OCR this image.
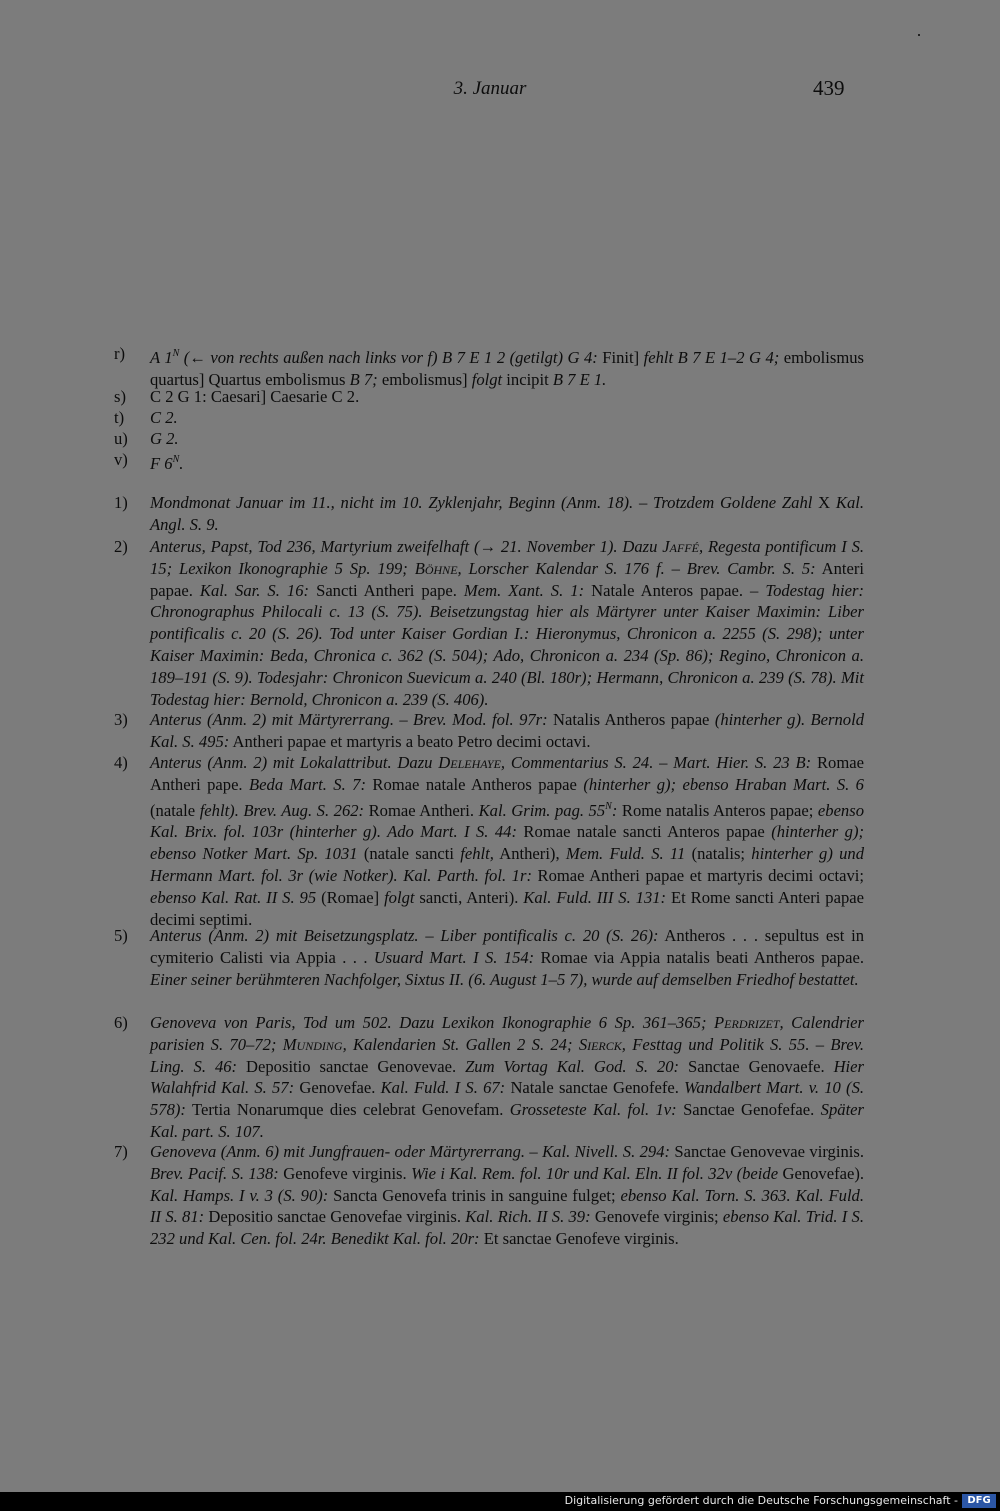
3. Januar	439
r) A $1^N$ (← von rechts außen nach links vor f) B 7 E 1 2 (getilgt) G 4: Finit] fehlt B 7 E 1–2 G 4; embolismus quartus] Quartus embolismus B 7; embolismus] folgt incipit B 7 E 1.
s) C 2 G 1: Caesari] Caesarie C 2.
t) C 2.
u) G 2.
v) F $6^N$.
1) Mondmonat Januar im 11., nicht im 10. Zyklenjahr, Beginn (Anm. 18). – Trotzdem Goldene Zahl X Kal. Angl. S. 9.
2) Anterus, Papst, Tod 236, Martyrium zweifelhaft (→ 21. November 1). Dazu Jaffé, Regesta pontificum I S. 15; Lexikon Ikonographie 5 Sp. 199; Böhne, Lorscher Kalendar S. 176 f. – Brev. Cambr. S. 5: Anteri papae. Kal. Sar. S. 16: Sancti Antheri pape. Mem. Xant. S. 1: Natale Anteros papae. – Todestag hier: Chronographus Philocali c. 13 (S. 75). Beisetzungstag hier als Märtyrer unter Kaiser Maximin: Liber pontificalis c. 20 (S. 26). Tod unter Kaiser Gordian I.: Hieronymus, Chronicon a. 2255 (S. 298); unter Kaiser Maximin: Beda, Chronica c. 362 (S. 504); Ado, Chronicon a. 234 (Sp. 86); Regino, Chronicon a. 189–191 (S. 9). Todesjahr: Chronicon Suevicum a. 240 (Bl. 180r); Hermann, Chronicon a. 239 (S. 78). Mit Todestag hier: Bernold, Chronicon a. 239 (S. 406).
3) Anterus (Anm. 2) mit Märtyrerrang. – Brev. Mod. fol. 97r: Natalis Antheros papae (hinterher g). Bernold Kal. S. 495: Antheri papae et martyris a beato Petro decimi octavi.
4) Anterus (Anm. 2) mit Lokalattribut. Dazu Delehaye, Commentarius S. 24. – Mart. Hier. S. 23 B: Romae Antheri pape. Beda Mart. S. 7: Romae natale Antheros papae (hinterher g); ebenso Hraban Mart. S. 6 (natale fehlt). Brev. Aug. S. 262: Romae Antheri. Kal. Grim. pag. $55^N$: Rome natalis Anteros papae; ebenso Kal. Brix. fol. 103r (hinterher g). Ado Mart. I S. 44: Romae natale sancti Anteros papae (hinterher g); ebenso Notker Mart. Sp. 1031 (natale sancti fehlt, Antheri), Mem. Fuld. S. 11 (natalis; hinterher g) und Hermann Mart. fol. 3r (wie Notker). Kal. Parth. fol. 1r: Romae Antheri papae et martyris decimi octavi; ebenso Kal. Rat. II S. 95 (Romae] folgt sancti, Anteri). Kal. Fuld. III S. 131: Et Rome sancti Anteri papae decimi septimi.
5) Anterus (Anm. 2) mit Beisetzungsplatz. – Liber pontificalis c. 20 (S. 26): Antheros . . . sepultus est in cymiterio Calisti via Appia . . . Usuard Mart. I S. 154: Romae via Appia natalis beati Antheros papae. Einer seiner berühmteren Nachfolger, Sixtus II. (6. August 1–5 7), wurde auf demselben Friedhof bestattet.
6) Genoveva von Paris, Tod um 502. Dazu Lexikon Ikonographie 6 Sp. 361–365; Perdrizet, Calendrier parisien S. 70–72; Munding, Kalendarien St. Gallen 2 S. 24; Sierck, Festtag und Politik S. 55. – Brev. Ling. S. 46: Depositio sanctae Genovevae. Zum Vortag Kal. God. S. 20: Sanctae Genovaefe. Hier Walahfrid Kal. S. 57: Genovefae. Kal. Fuld. I S. 67: Natale sanctae Genofefe. Wandalbert Mart. v. 10 (S. 578): Tertia Nonarumque dies celebrat Genovefam. Grosseteste Kal. fol. 1v: Sanctae Genofefae. Später Kal. part. S. 107.
7) Genoveva (Anm. 6) mit Jungfrauen- oder Märtyrerrang. – Kal. Nivell. S. 294: Sanctae Genovevae virginis. Brev. Pacif. S. 138: Genofeve virginis. Wie i Kal. Rem. fol. 10r und Kal. Eln. II fol. 32v (beide Genovefae). Kal. Hamps. I v. 3 (S. 90): Sancta Genovefa trinis in sanguine fulget; ebenso Kal. Torn. S. 363. Kal. Fuld. II S. 81: Depositio sanctae Genovefae virginis. Kal. Rich. II S. 39: Genovefe virginis; ebenso Kal. Trid. I S. 232 und Kal. Cen. fol. 24r. Benedikt Kal. fol. 20r: Et sanctae Genofeve virginis.
Digitalisierung gefördert durch die Deutsche Forschungsgemeinschaft - DFG
